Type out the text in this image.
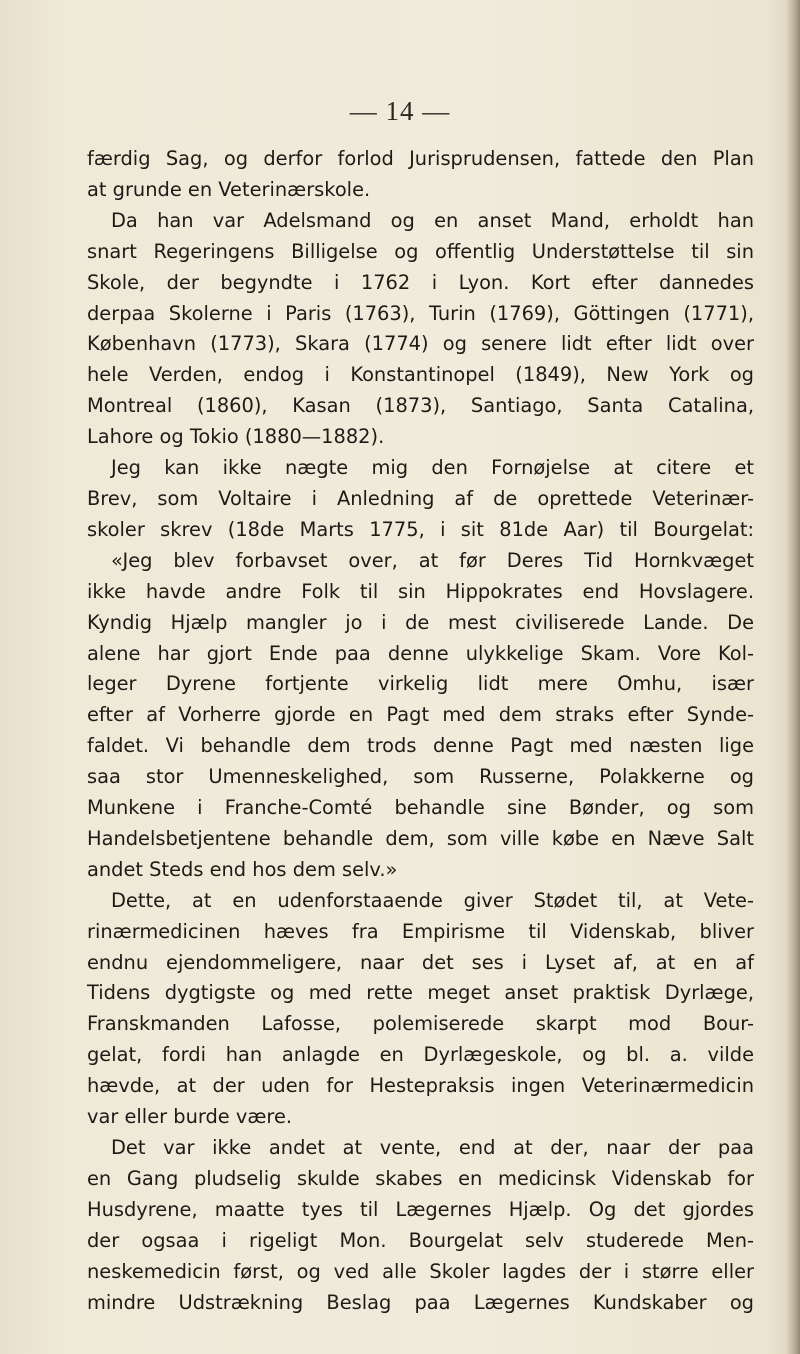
— 14 —
færdig Sag, og derfor forlod Jurisprudensen, fattede den Plan
at grunde en Veterinærskole.
Da han var Adelsmand og en anset Mand, erholdt han
snart Regeringens Billigelse og offentlig Understøttelse til sin
Skole, der begyndte i 1762 i Lyon. Kort efter dannedes
derpaa Skolerne i Paris (1763), Turin (1769), Göttingen (1771),
København (1773), Skara (1774) og senere lidt efter lidt over
hele Verden, endog i Konstantinopel (1849), New York og
Montreal (1860), Kasan (1873), Santiago, Santa Catalina,
Lahore og Tokio (1880—1882).
Jeg kan ikke nægte mig den Fornøjelse at citere et
Brev, som Voltaire i Anledning af de oprettede Veterinær-
skoler skrev (18de Marts 1775, i sit 81de Aar) til Bourgelat:
«Jeg blev forbavset over, at før Deres Tid Hornkvæget
ikke havde andre Folk til sin Hippokrates end Hovslagere.
Kyndig Hjælp mangler jo i de mest civiliserede Lande. De
alene har gjort Ende paa denne ulykkelige Skam. Vore Kol-
leger Dyrene fortjente virkelig lidt mere Omhu, især
efter af Vorherre gjorde en Pagt med dem straks efter Synde-
faldet. Vi behandle dem trods denne Pagt med næsten lige
saa stor Umenneskelighed, som Russerne, Polakkerne og
Munkene i Franche-Comté behandle sine Bønder, og som
Handelsbetjentene behandle dem, som ville købe en Næve Salt
andet Steds end hos dem selv.»
Dette, at en udenforstaaende giver Stødet til, at Vete-
rinærmedicinen hæves fra Empirisme til Videnskab, bliver
endnu ejendommeligere, naar det ses i Lyset af, at en af
Tidens dygtigste og med rette meget anset praktisk Dyrlæge,
Franskmanden Lafosse, polemiserede skarpt mod Bour-
gelat, fordi han anlagde en Dyrlægeskole, og bl. a. vilde
hævde, at der uden for Hestepraksis ingen Veterinærmedicin
var eller burde være.
Det var ikke andet at vente, end at der, naar der paa
en Gang pludselig skulde skabes en medicinsk Videnskab for
Husdyrene, maatte tyes til Lægernes Hjælp. Og det gjordes
der ogsaa i rigeligt Mon. Bourgelat selv studerede Men-
neskemedicin først, og ved alle Skoler lagdes der i større eller
mindre Udstrækning Beslag paa Lægernes Kundskaber og
